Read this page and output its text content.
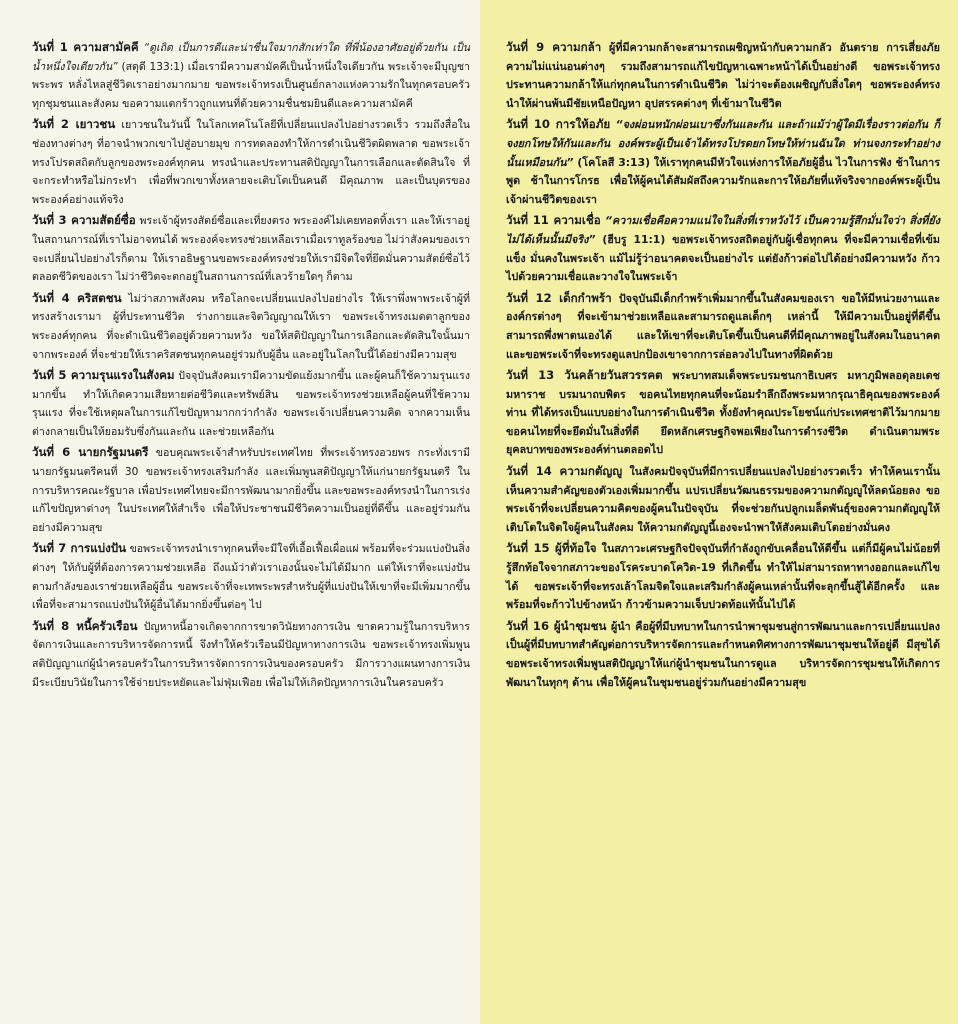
วันที่ 1 ความสามัคคี “ดูเถิด เป็นการดีและน่าชื่นใจมากสักเท่าใด ที่พี่น้องอาศัยอยู่ด้วยกัน เป็นน้ำหนึ่งใจเดียวกัน” (สดุดี 133:1) เมื่อเรามีความสามัคคีเป็นน้ำหนึ่งใจเดียวกัน พระเจ้าจะมีบุญชาพระพร หลั่งไหลสู่ชีวิตเราอย่างมากมาย ขอพระเจ้าทรงเป็นศูนย์กลางแห่งความรักในทุกครอบครัว ทุกชุมชนและสังคม ขอความแตกร้าวถูกแทนที่ด้วยความชื่นชมยินดีและความสามัคคี

วันที่ 2 เยาวชน เยาวชนในวันนี้ ในโลกเทคโนโลยีที่เปลี่ยนแปลงไปอย่างรวดเร็ว รวมถึงสื่อในช่องทางต่างๆ ที่อาจนำพวกเขาไปสู่อบายมุข การทดลองทำให้การดำเนินชีวิตผิดพลาด ขอพระเจ้าทรงโปรดสถิตกับลูกของพระองค์ทุกคน ทรงนำและประทานสติปัญญาในการเลือกและตัดสินใจ ที่จะกระทำหรือไม่กระทำ เพื่อที่พวกเขาทั้งหลายจะเติบโตเป็นคนดี มีคุณภาพ และเป็นบุตรของพระองค์อย่างแท้จริง

วันที่ 3 ความสัตย์ซื่อ พระเจ้าผู้ทรงสัตย์ซื่อและเที่ยงตรง พระองค์ไม่เคยทอดทิ้งเรา และให้เราอยู่ในสถานการณ์ที่เราไม่อาจทนได้ พระองค์จะทรงช่วยเหลือเราเมื่อเราทูลร้องขอ ไม่ว่าสังคมของเราจะเปลี่ยนไปอย่างไรก็ตาม ให้เราอธิษฐานขอพระองค์ทรงช่วยให้เรามีจิตใจที่ยึดมั่นความสัตย์ซื่อไว้ตลอดชีวิตของเรา ไม่ว่าชีวิตจะตกอยู่ในสถานการณ์ที่เลวร้ายใดๆ ก็ตาม

วันที่ 4 คริสตชน ไม่ว่าสภาพสังคม หรือโลกจะเปลี่ยนแปลงไปอย่างไร ให้เราพึ่งพาพระเจ้าผู้ที่ทรงสร้างเรามา ผู้ที่ประทานชีวิต ร่างกายและจิตวิญญาณให้เรา ขอพระเจ้าทรงเมตตาลูกของพระองค์ทุกคน ที่จะดำเนินชีวิตอยู่ด้วยความหวัง ขอให้สติปัญญาในการเลือกและตัดสินใจนั้นมาจากพระองค์ ที่จะช่วยให้เราคริสตชนทุกคนอยู่ร่วมกับผู้อื่น และอยู่ในโลกใบนี้ได้อย่างมีความสุข

วันที่ 5 ความรุนแรงในสังคม ปัจจุบันสังคมเรามีความขัดแย้งมากขึ้น และผู้คนก็ใช้ความรุนแรงมากขึ้น ทำให้เกิดความเสียหายต่อชีวิตและทรัพย์สิน ขอพระเจ้าทรงช่วยเหลือผู้คนที่ใช้ความรุนแรง ที่จะใช้เหตุผลในการแก้ไขปัญหามากกว่ากำลัง ขอพระเจ้าเปลี่ยนความคิด จากความเห็นต่างกลายเป็นให้ยอมรับซึ่งกันและกัน และช่วยเหลือกัน

วันที่ 6 นายกรัฐมนตรี ขอบคุณพระเจ้าสำหรับประเทศไทย ที่พระเจ้าทรงอวยพร กระทั่งเรามีนายกรัฐมนตรีคนที่ 30 ขอพระเจ้าทรงเสริมกำลัง และเพิ่มพูนสติปัญญาให้แก่นายกรัฐมนตรี ในการบริหารคณะรัฐบาล เพื่อประเทศไทยจะมีการพัฒนามากยิ่งขึ้น และขอพระองค์ทรงนำในการเร่งแก้ไขปัญหาต่างๆ ในประเทศให้สำเร็จ เพื่อให้ประชาชนมีชีวิตความเป็นอยู่ที่ดีขึ้น และอยู่ร่วมกันอย่างมีความสุข

วันที่ 7 การแบ่งปัน ขอพระเจ้าทรงนำเราทุกคนที่จะมีใจที่เอื้อเฟื้อเผื่อแผ่ พร้อมที่จะร่วมแบ่งปันสิ่งต่างๆ ให้กับผู้ที่ต้องการความช่วยเหลือ ถึงแม้ว่าตัวเราเองนั้นจะไม่ได้มีมาก แต่ให้เราที่จะแบ่งปันตามกำลังของเราช่วยเหลือผู้อื่น ขอพระเจ้าที่จะเทพระพรสำหรับผู้ที่แบ่งปันให้เขาที่จะมีเพิ่มมากขึ้น เพื่อที่จะสามารถแบ่งปันให้ผู้อื่นได้มากยิ่งขึ้นต่อๆ ไป

วันที่ 8 หนี้ครัวเรือน ปัญหาหนี้อาจเกิดจากการขาดวินัยทางการเงิน ขาดความรู้ในการบริหารจัดการเงินและการบริหารจัดการหนี้ จึงทำให้ครัวเรือนมีปัญหาทางการเงิน ขอพระเจ้าทรงเพิ่มพูนสติปัญญาแก่ผู้นำครอบครัวในการบริหารจัดการการเงินของครอบครัว มีการวางแผนทางการเงิน มีระเบียบวินัยในการใช้จ่ายประหยัดและไม่ฟุ่มเฟือย เพื่อไม่ให้เกิดปัญหาการเงินในครอบครัว

วันที่ 9 ความกล้า ผู้ที่มีความกล้าจะสามารถเผชิญหน้ากับความกลัว อันตราย การเสี่ยงภัย ความไม่แน่นอนต่างๆ รวมถึงสามารถแก้ไขปัญหาเฉพาะหน้าได้เป็นอย่างดี ขอพระเจ้าทรงประทานความกล้าให้แก่ทุกคนในการดำเนินชีวิต ไม่ว่าจะต้องเผชิญกับสิ่งใดๆ ขอพระองค์ทรงนำให้ผ่านพ้นมีชัยเหนือปัญหา อุปสรรคต่างๆ ที่เข้ามาในชีวิต

วันที่ 10 การให้อภัย “จงผ่อนหนักผ่อนเบาซึ่งกันและกัน และถ้าแม้ว่าผู้ใดมีเรื่องราวต่อกัน ก็จงยกโทษให้กันและกัน องค์พระผู้เป็นเจ้าได้ทรงโปรดยกโทษให้ท่านฉันใด ท่านจงกระทำอย่างนั้นเหมือนกัน” (โคโลสี 3:13) ให้เราทุกคนมีหัวใจแห่งการให้อภัยผู้อื่น ไวในการฟัง ช้าในการพูด ช้าในการโกรธ เพื่อให้ผู้คนได้สัมผัสถึงความรักและการให้อภัยที่แท้จริงจากองค์พระผู้เป็นเจ้าผ่านชีวิตของเรา

วันที่ 11 ความเชื่อ “ความเชื่อคือความแน่ใจในสิ่งที่เราหวังไว้ เป็นความรู้สึกมั่นใจว่า สิ่งที่ยังไม่ได้เห็นนั้นมีจริง” (ฮีบรู 11:1) ขอพระเจ้าทรงสถิตอยู่กับผู้เชื่อทุกคน ที่จะมีความเชื่อที่เข้มแข็ง มั่นคงในพระเจ้า แม้ไม่รู้ว่าอนาคตจะเป็นอย่างไร แต่ยังก้าวต่อไปได้อย่างมีความหวัง ก้าวไปด้วยความเชื่อและวางใจในพระเจ้า

วันที่ 12 เด็กกำพร้า ปัจจุบันมีเด็กกำพร้าเพิ่มมากขึ้นในสังคมของเรา ขอให้มีหน่วยงานและองค์กรต่างๆ ที่จะเข้ามาช่วยเหลือและสามารถดูแลเด็กๆ เหล่านี้ ให้มีความเป็นอยู่ที่ดีขึ้น สามารถพึ่งพาตนเองได้ และให้เขาที่จะเติบโตขึ้นเป็นคนดีที่มีคุณภาพอยู่ในสังคมในอนาคต และขอพระเจ้าที่จะทรงดูแลปกป้องเขาจากการล่อลวงไปในทางที่ผิดด้วย

วันที่ 13 วันคล้ายวันสวรรคต พระบาทสมเด็จพระบรมชนกาธิเบศร มหาภูมิพลอดุลยเดชมหาราช บรมนาถบพิตร ขอคนไทยทุกคนที่จะน้อมรำลึกถึงพระมหากรุณาธิคุณของพระองค์ท่าน ที่ได้ทรงเป็นแบบอย่างในการดำเนินชีวิต ทั้งยังทำคุณประโยชน์แก่ประเทศชาติไว้มากมาย ขอคนไทยที่จะยึดมั่นในสิ่งที่ดี ยึดหลักเศรษฐกิจพอเพียงในการดำรงชีวิต ดำเนินตามพระยุคลบาทของพระองค์ท่านตลอดไป

วันที่ 14 ความกตัญญู ในสังคมปัจจุบันที่มีการเปลี่ยนแปลงไปอย่างรวดเร็ว ทำให้คนเรานั้นเห็นความสำคัญของตัวเองเพิ่มมากขึ้น แปรเปลี่ยนวัฒนธรรมของความกตัญญูให้ลดน้อยลง ขอพระเจ้าที่จะเปลี่ยนความคิดของผู้คนในปัจจุบัน ที่จะช่วยกันปลูกเมล็ดพันธุ์ของความกตัญญูให้เติบโตในจิตใจผู้คนในสังคม ให้ความกตัญญูนี้เองจะนำพาให้สังคมเติบโตอย่างมั่นคง

วันที่ 15 ผู้ที่ท้อใจ ในสภาวะเศรษฐกิจปัจจุบันที่กำลังถูกขับเคลื่อนให้ดีขึ้น แต่ก็มีผู้คนไม่น้อยที่รู้สึกท้อใจจากสภาวะของโรคระบาดโควิด-19 ที่เกิดขึ้น ทำให้ไม่สามารถหาทางออกและแก้ไขได้ ขอพระเจ้าที่จะทรงเล้าโลมจิตใจและเสริมกำลังผู้คนเหล่านั้นที่จะลุกขึ้นสู้ได้อีกครั้ง และพร้อมที่จะก้าวไปข้างหน้า ก้าวข้ามความเจ็บปวดท้อแท้นั้นไปได้

วันที่ 16 ผู้นำชุมชน ผู้นำ คือผู้ที่มีบทบาทในการนำพาชุมชนสู่การพัฒนาและการเปลี่ยนแปลง เป็นผู้ที่มีบทบาทสำคัญต่อการบริหารจัดการและกำหนดทิศทางการพัฒนาชุมชนให้อยู่ดี มีสุขได้ ขอพระเจ้าทรงเพิ่มพูนสติปัญญาให้แก่ผู้นำชุมชนในการดูแล บริหารจัดการชุมชนให้เกิดการพัฒนาในทุกๆ ด้าน เพื่อให้ผู้คนในชุมชนอยู่ร่วมกันอย่างมีความสุข
